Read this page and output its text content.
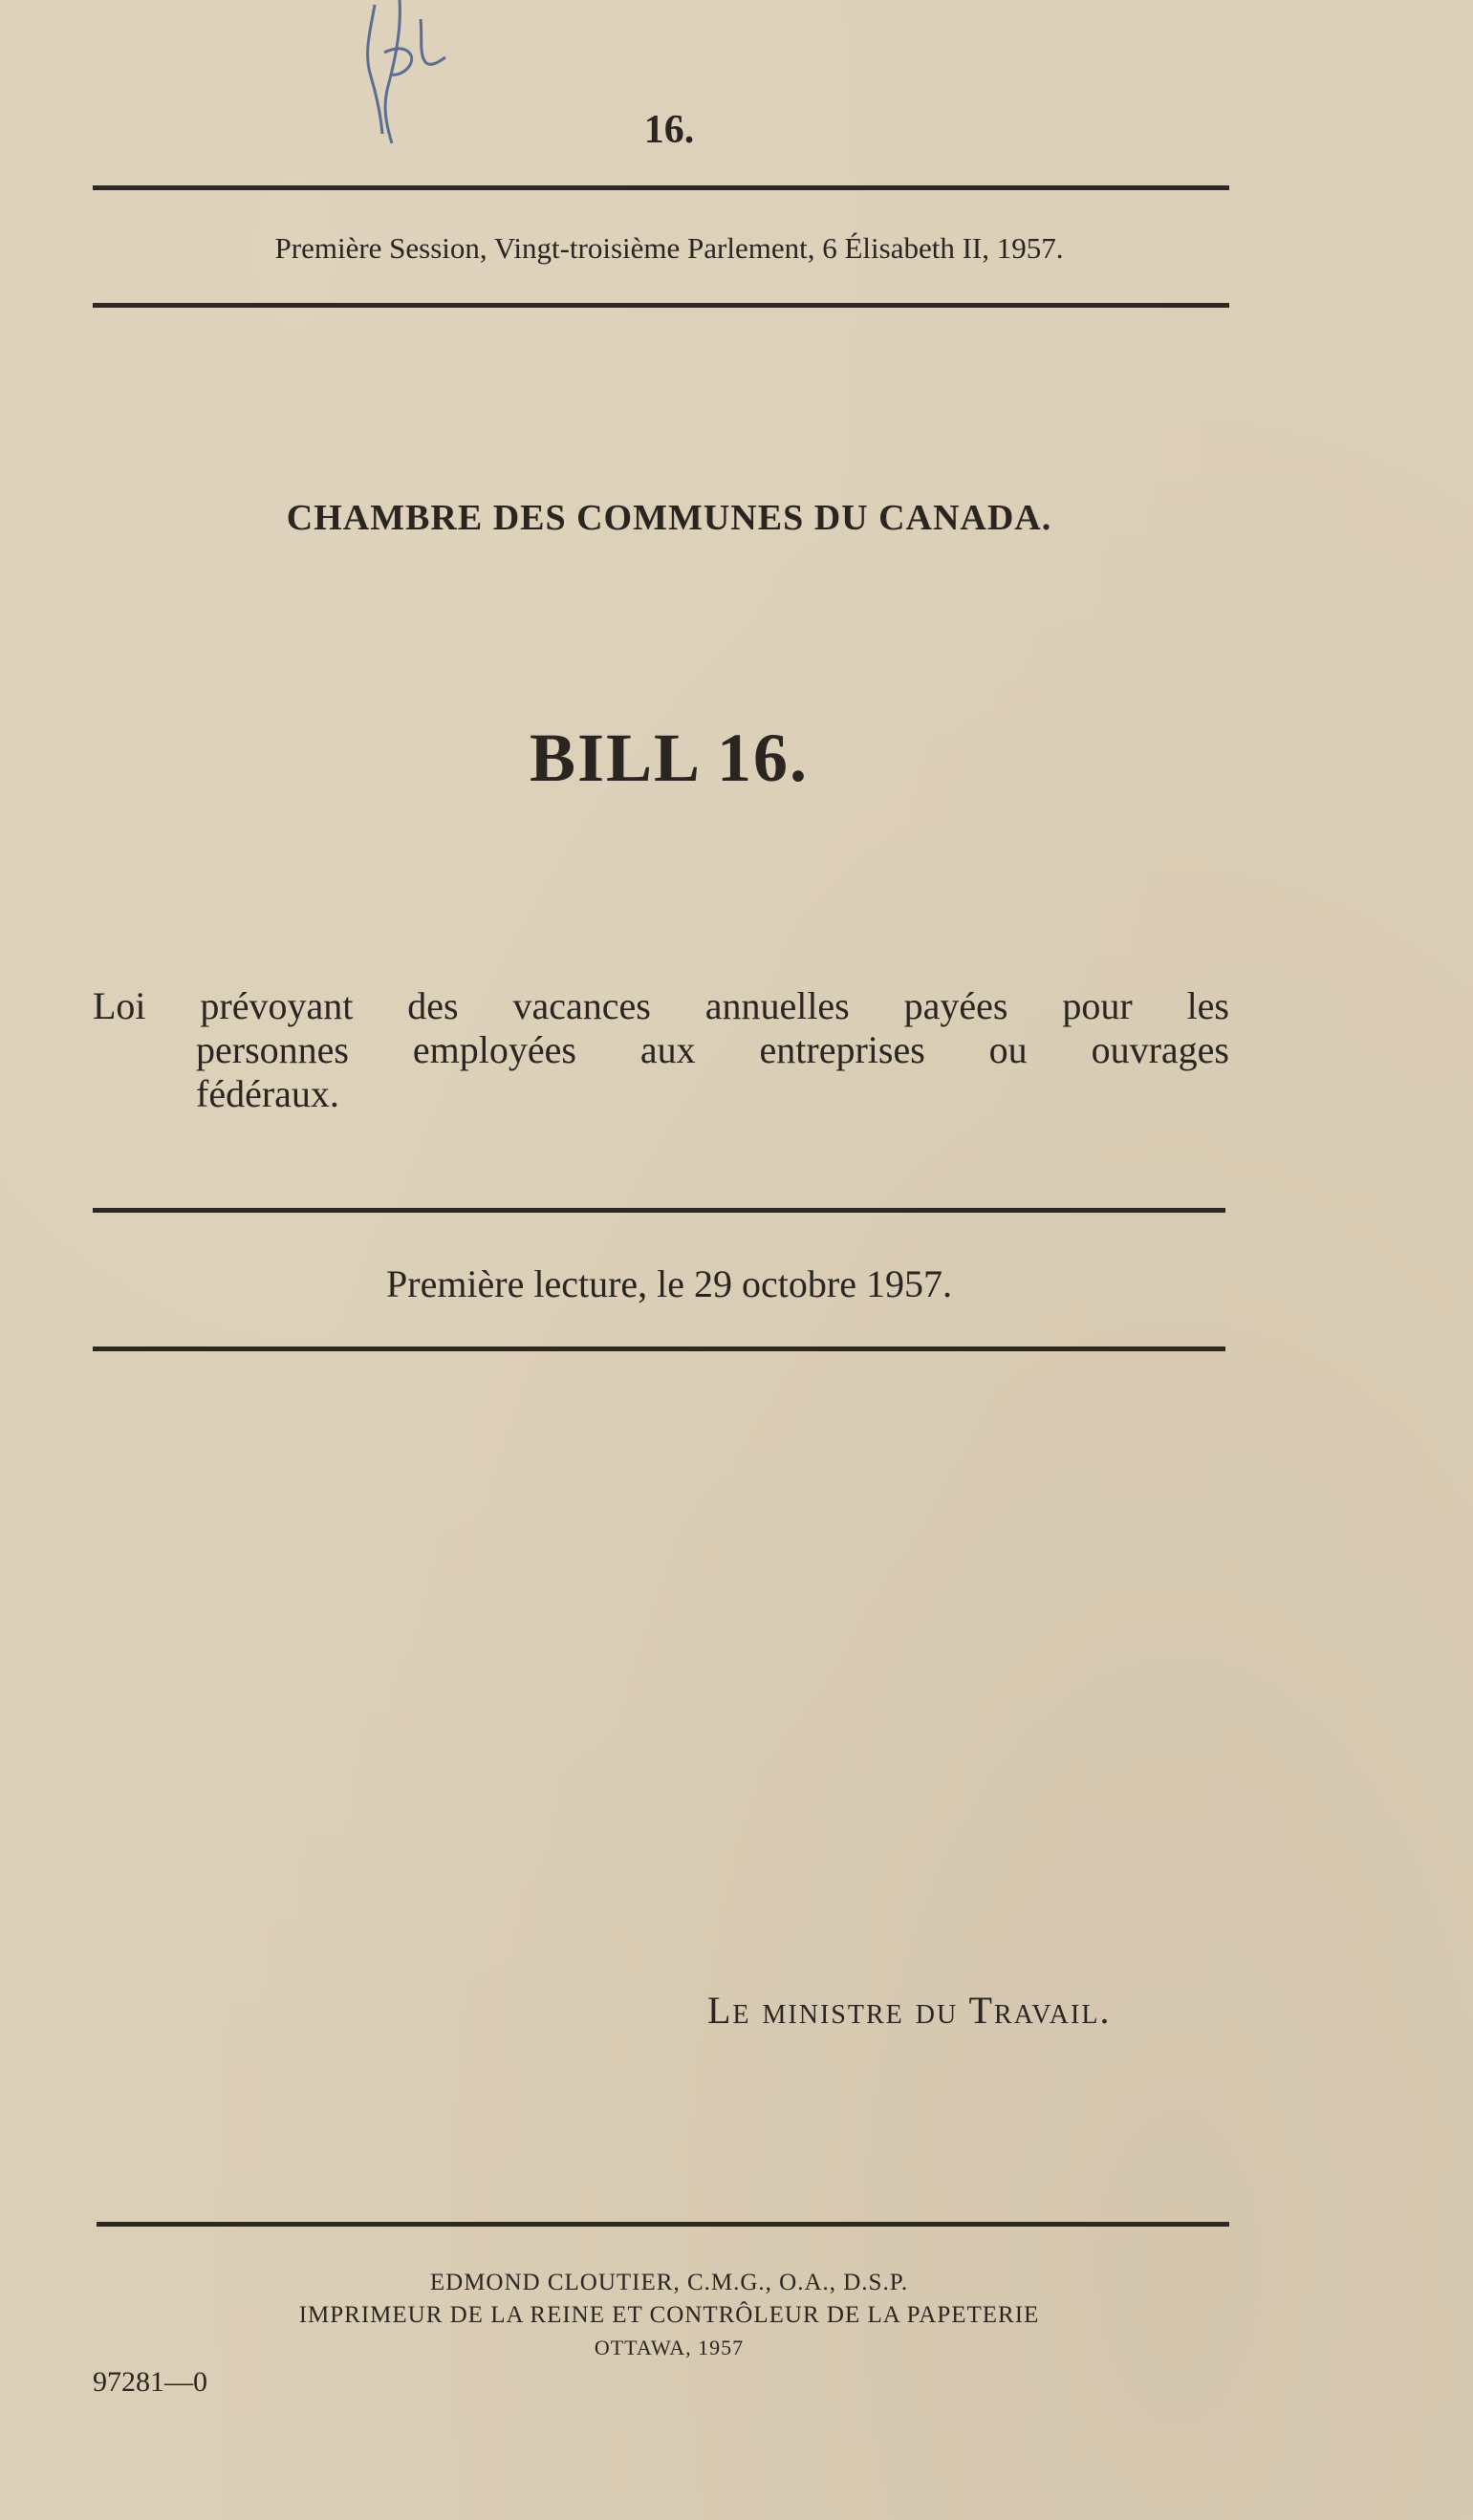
16.
Première Session, Vingt-troisième Parlement, 6 Élisabeth II, 1957.
CHAMBRE DES COMMUNES DU CANADA.
BILL 16.
Loi prévoyant des vacances annuelles payées pour les
personnes employées aux entreprises ou ouvrages
fédéraux.
Première lecture, le 29 octobre 1957.
Le ministre du Travail.
EDMOND CLOUTIER, C.M.G., O.A., D.S.P.
IMPRIMEUR DE LA REINE ET CONTRÔLEUR DE LA PAPETERIE
OTTAWA, 1957
97281—0
